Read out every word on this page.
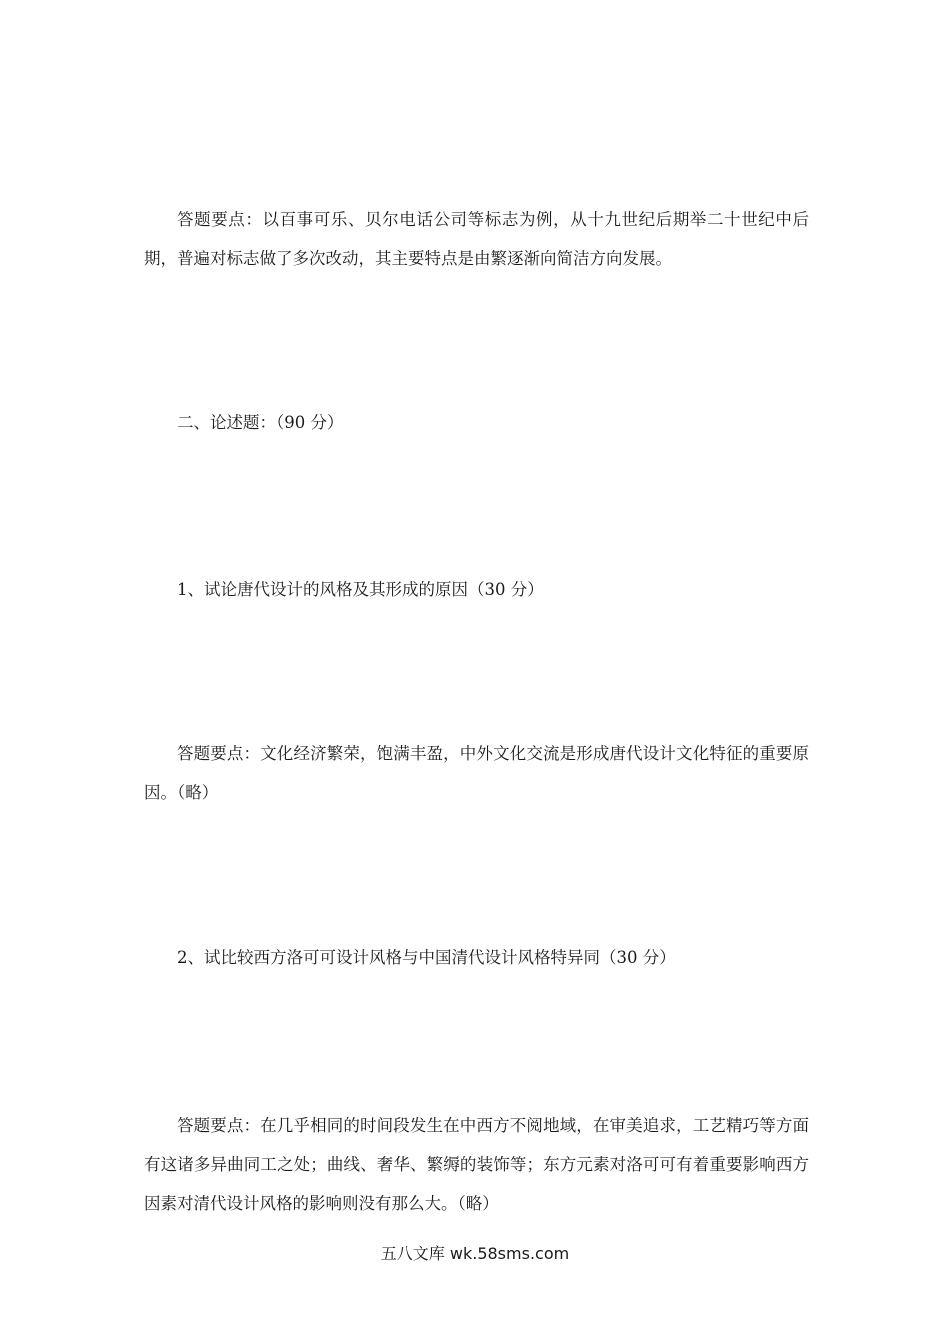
答题要点：以百事可乐、贝尔电话公司等标志为例，从十九世纪后期举二十世纪中后期，普遍对标志做了多次改动，其主要特点是由繁逐渐向简洁方向发展。

二、论述题：（90 分）

1、试论唐代设计的风格及其形成的原因（30 分）

答题要点：文化经济繁荣，饱满丰盈，中外文化交流是形成唐代设计文化特征的重要原因。（略）

2、试比较西方洛可可设计风格与中国清代设计风格特异同（30 分）

答题要点：在几乎相同的时间段发生在中西方不阅地域，在审美追求，工艺精巧等方面有这诸多异曲同工之处；曲线、奢华、繁缛的装饰等；东方元素对洛可可有着重要影响西方因素对清代设计风格的影响则没有那么大。（略）

五八文库 wk.58sms.com
